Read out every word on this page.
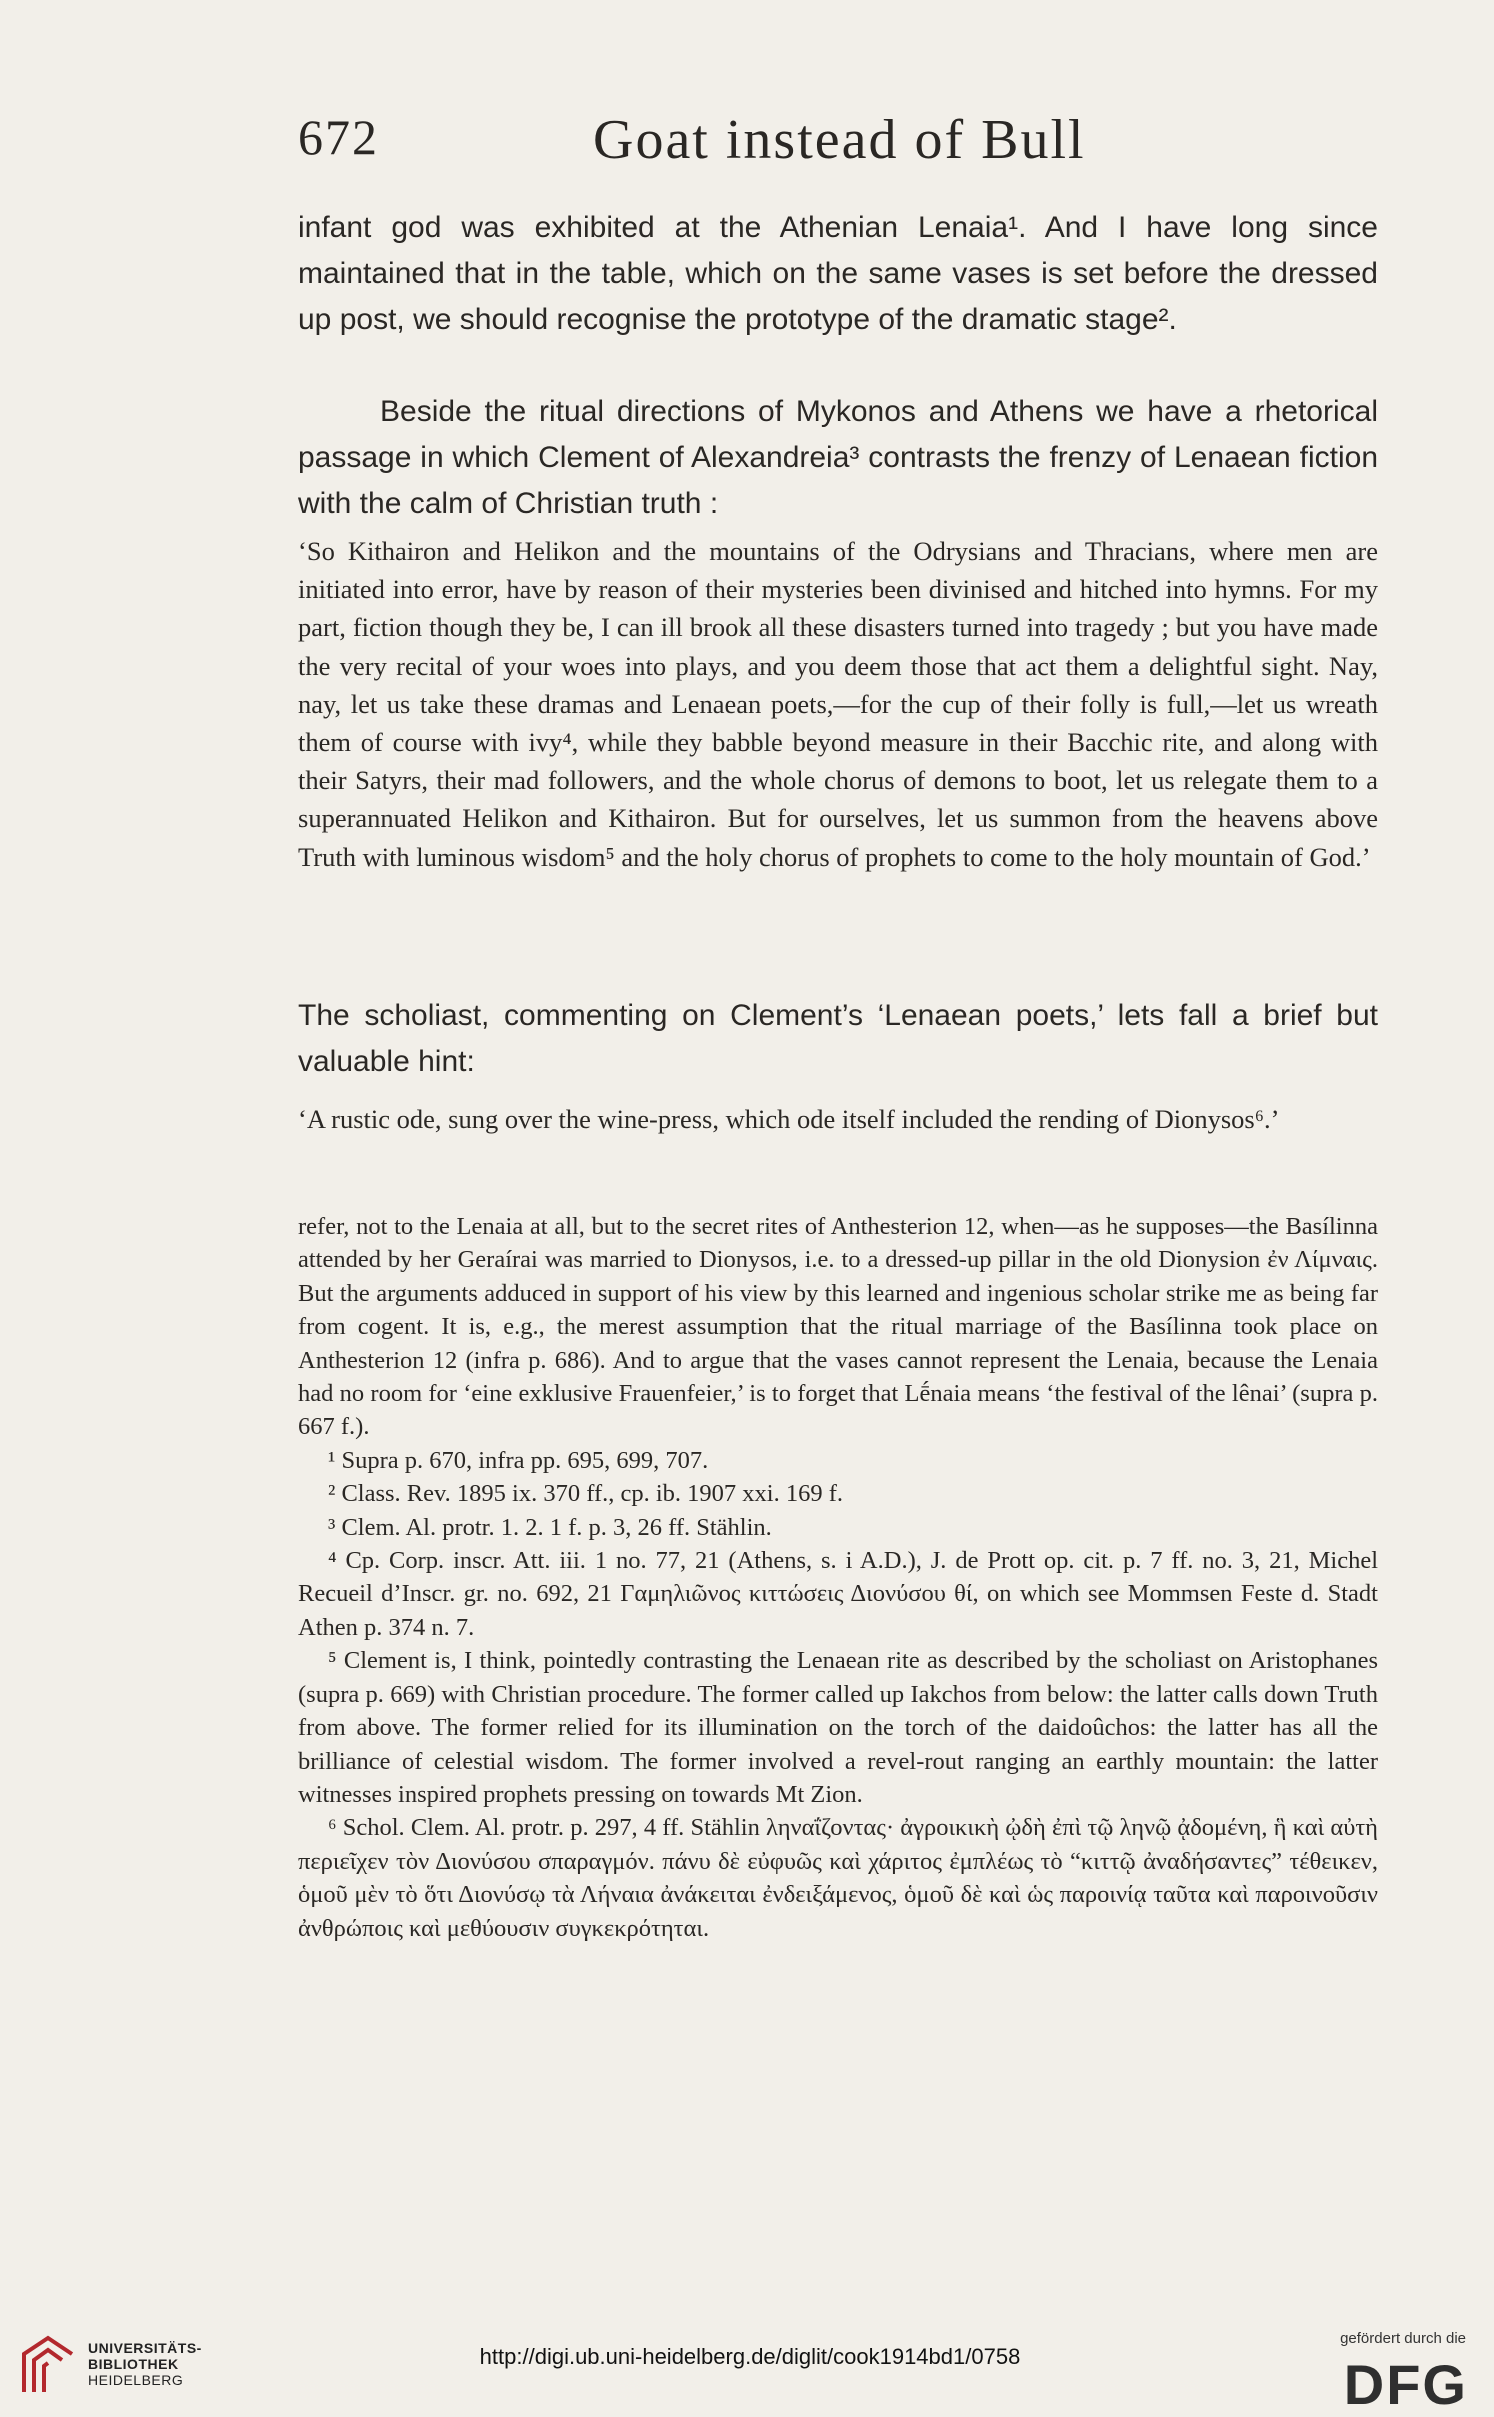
672	Goat instead of Bull

infant god was exhibited at the Athenian Lenaia¹. And I have long since maintained that in the table, which on the same vases is set before the dressed up post, we should recognise the prototype of the dramatic stage².

Beside the ritual directions of Mykonos and Athens we have a rhetorical passage in which Clement of Alexandreia³ contrasts the frenzy of Lenaean fiction with the calm of Christian truth :

‘So Kithairon and Helikon and the mountains of the Odrysians and Thracians, where men are initiated into error, have by reason of their mysteries been divinised and hitched into hymns. For my part, fiction though they be, I can ill brook all these disasters turned into tragedy ; but you have made the very recital of your woes into plays, and you deem those that act them a delightful sight. Nay, nay, let us take these dramas and Lenaean poets,—for the cup of their folly is full,—let us wreath them of course with ivy⁴, while they babble beyond measure in their Bacchic rite, and along with their Satyrs, their mad followers, and the whole chorus of demons to boot, let us relegate them to a superannuated Helikon and Kithairon. But for ourselves, let us summon from the heavens above Truth with luminous wisdom⁵ and the holy chorus of prophets to come to the holy mountain of God.’

The scholiast, commenting on Clement’s ‘Lenaean poets,’ lets fall a brief but valuable hint:

‘A rustic ode, sung over the wine-press, which ode itself included the rending of Dionysos⁶.’

refer, not to the Lenaia at all, but to the secret rites of Anthesterion 12, when—as he supposes—the Basílinna attended by her Geraírai was married to Dionysos, i.e. to a dressed-up pillar in the old Dionysion ἐν Λίμναις. But the arguments adduced in support of his view by this learned and ingenious scholar strike me as being far from cogent. It is, e.g., the merest assumption that the ritual marriage of the Basílinna took place on Anthesterion 12 (infra p. 686). And to argue that the vases cannot represent the Lenaia, because the Lenaia had no room for ‘eine exklusive Frauenfeier,’ is to forget that Lḗnaia means ‘the festival of the lênai’ (supra p. 667 f.).

¹ Supra p. 670, infra pp. 695, 699, 707.

² Class. Rev. 1895 ix. 370 ff., cp. ib. 1907 xxi. 169 f.

³ Clem. Al. protr. 1. 2. 1 f. p. 3, 26 ff. Stählin.

⁴ Cp. Corp. inscr. Att. iii. 1 no. 77, 21 (Athens, s. i A.D.), J. de Prott op. cit. p. 7 ff. no. 3, 21, Michel Recueil d’Inscr. gr. no. 692, 21 Γαμηλιῶνος κιττώσεις Διονύσου θί, on which see Mommsen Feste d. Stadt Athen p. 374 n. 7.

⁵ Clement is, I think, pointedly contrasting the Lenaean rite as described by the scholiast on Aristophanes (supra p. 669) with Christian procedure. The former called up Iakchos from below: the latter calls down Truth from above. The former relied for its illumination on the torch of the daidoûchos: the latter has all the brilliance of celestial wisdom. The former involved a revel-rout ranging an earthly mountain: the latter witnesses inspired prophets pressing on towards Mt Zion.

⁶ Schol. Clem. Al. protr. p. 297, 4 ff. Stählin ληναΐζοντας· ἀγροικικὴ ᾠδὴ ἐπὶ τῷ ληνῷ ᾀδομένη, ἣ καὶ αὐτὴ περιεῖχεν τὸν Διονύσου σπαραγμόν. πάνυ δὲ εὐφυῶς καὶ χάριτος ἐμπλέως τὸ “κιττῷ ἀναδήσαντες” τέθεικεν, ὁμοῦ μὲν τὸ ὅτι Διονύσῳ τὰ Λήναια ἀνάκειται ἐνδειξάμενος, ὁμοῦ δὲ καὶ ὡς παροινίᾳ ταῦτα καὶ παροινοῦσιν ἀνθρώποις καὶ μεθύουσιν συγκεκρότηται.

UNIVERSITÄTS-
BIBLIOTHEK
HEIDELBERG
http://digi.ub.uni-heidelberg.de/diglit/cook1914bd1/0758
gefördert durch die
DFG
